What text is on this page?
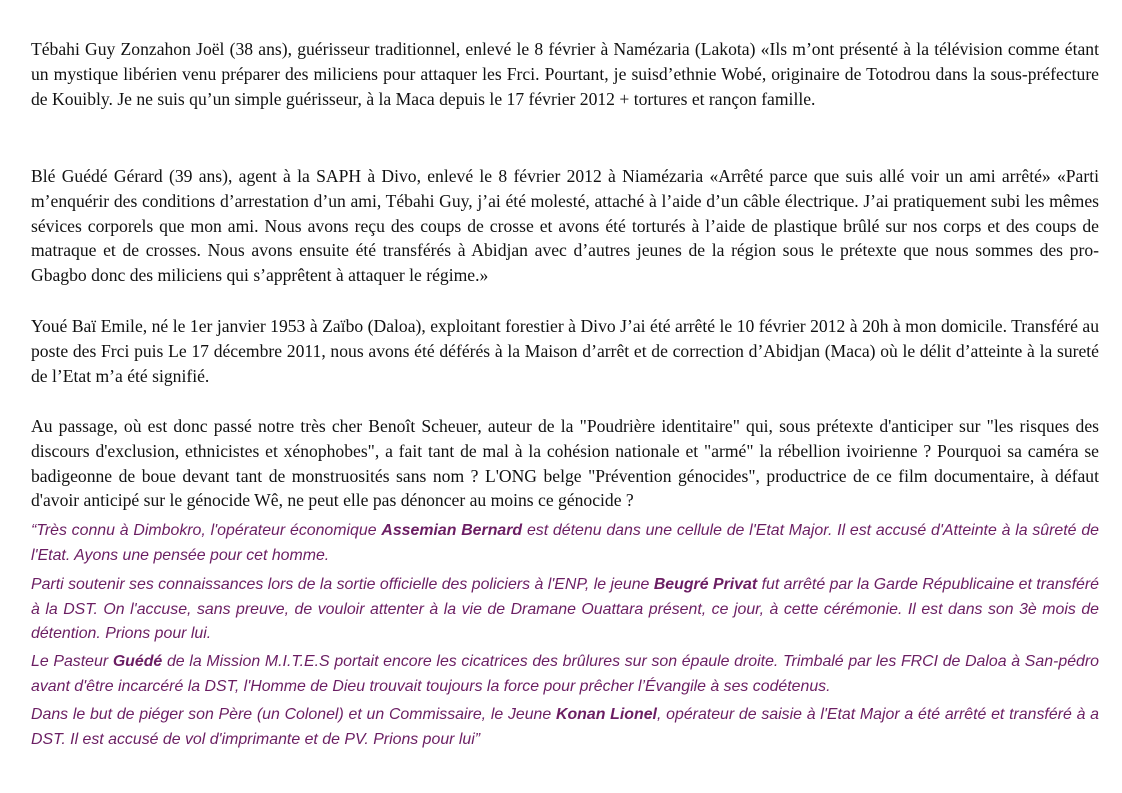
Tébahi Guy Zonzahon Joël (38 ans), guérisseur traditionnel, enlevé le 8 février à Namézaria (Lakota) «Ils m’ont présenté à la télévision comme étant un mystique libérien venu préparer des miliciens pour attaquer les Frci. Pourtant, je suisd’ethnie Wobé, originaire de Totodrou dans la sous-préfecture de Kouibly. Je ne suis qu’un simple guérisseur, à la Maca depuis le 17 février 2012 + tortures et rançon famille.

Blé Guédé Gérard (39 ans), agent à la SAPH à Divo, enlevé le 8 février 2012 à Niamézaria «Arrêté parce que suis allé voir un ami arrêté» «Parti m’enquérir des conditions d’arrestation d’un ami, Tébahi Guy, j’ai été molesté, attaché à l’aide d’un câble électrique. J’ai pratiquement subi les mêmes sévices corporels que mon ami. Nous avons reçu des coups de crosse et avons été torturés à l’aide de plastique brûlé sur nos corps et des coups de matraque et de crosses. Nous avons ensuite été transférés à Abidjan avec d’autres jeunes de la région sous le prétexte que nous sommes des pro-Gbagbo donc des miliciens qui s’apprêtent à attaquer le régime.»

Youé Baï Emile, né le 1er janvier 1953 à Zaïbo (Daloa), exploitant forestier à Divo J’ai été arrêté le 10 février 2012 à 20h à mon domicile. Transféré au poste des Frci puis Le 17 décembre 2011, nous avons été déférés à la Maison d’arrêt et de correction d’Abidjan (Maca) où le délit d’atteinte à la sureté de l’Etat m’a été signifié.

Au passage, où est donc passé notre très cher Benoît Scheuer, auteur de la "Poudrière identitaire" qui, sous prétexte d'anticiper sur "les risques des discours d'exclusion, ethnicistes et xénophobes", a fait tant de mal à la cohésion nationale et "armé" la rébellion ivoirienne ? Pourquoi sa caméra se badigeonne de boue devant tant de monstruosités sans nom ? L'ONG belge "Prévention génocides", productrice de ce film documentaire, à défaut d'avoir anticipé sur le génocide Wê, ne peut elle pas dénoncer au moins ce génocide ?

“Très connu à Dimbokro, l'opérateur économique Assemian Bernard est détenu dans une cellule de l'Etat Major. Il est accusé d'Atteinte à la sûreté de l'Etat. Ayons une pensée pour cet homme.

Parti soutenir ses connaissances lors de la sortie officielle des policiers à l'ENP, le jeune Beugré Privat fut arrêté par la Garde Républicaine et transféré à la DST. On l'accuse, sans preuve, de vouloir attenter à la vie de Dramane Ouattara présent, ce jour, à cette cérémonie. Il est dans son 3è mois de détention. Prions pour lui.

Le Pasteur Guédé de la Mission M.I.T.E.S portait encore les cicatrices des brûlures sur son épaule droite. Trimbalé par les FRCI de Daloa à San-pédro avant d'être incarcéré la DST, l'Homme de Dieu trouvait toujours la force pour prêcher l’Évangile à ses codétenus.

Dans le but de piéger son Père (un Colonel) et un Commissaire, le Jeune Konan Lionel, opérateur de saisie à l'Etat Major a été arrêté et transféré à a DST. Il est accusé de vol d'imprimante et de PV. Prions pour lui”
